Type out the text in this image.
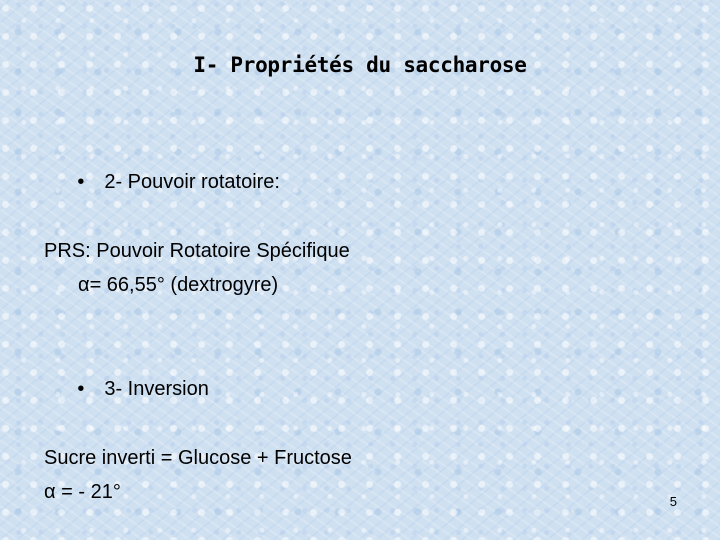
I- Propriétés du saccharose

• 2- Pouvoir rotatoire:

PRS: Pouvoir Rotatoire Spécifique
α= 66,55° (dextrogyre)

• 3- Inversion

Sucre inverti = Glucose + Fructose
α = - 21°	5
